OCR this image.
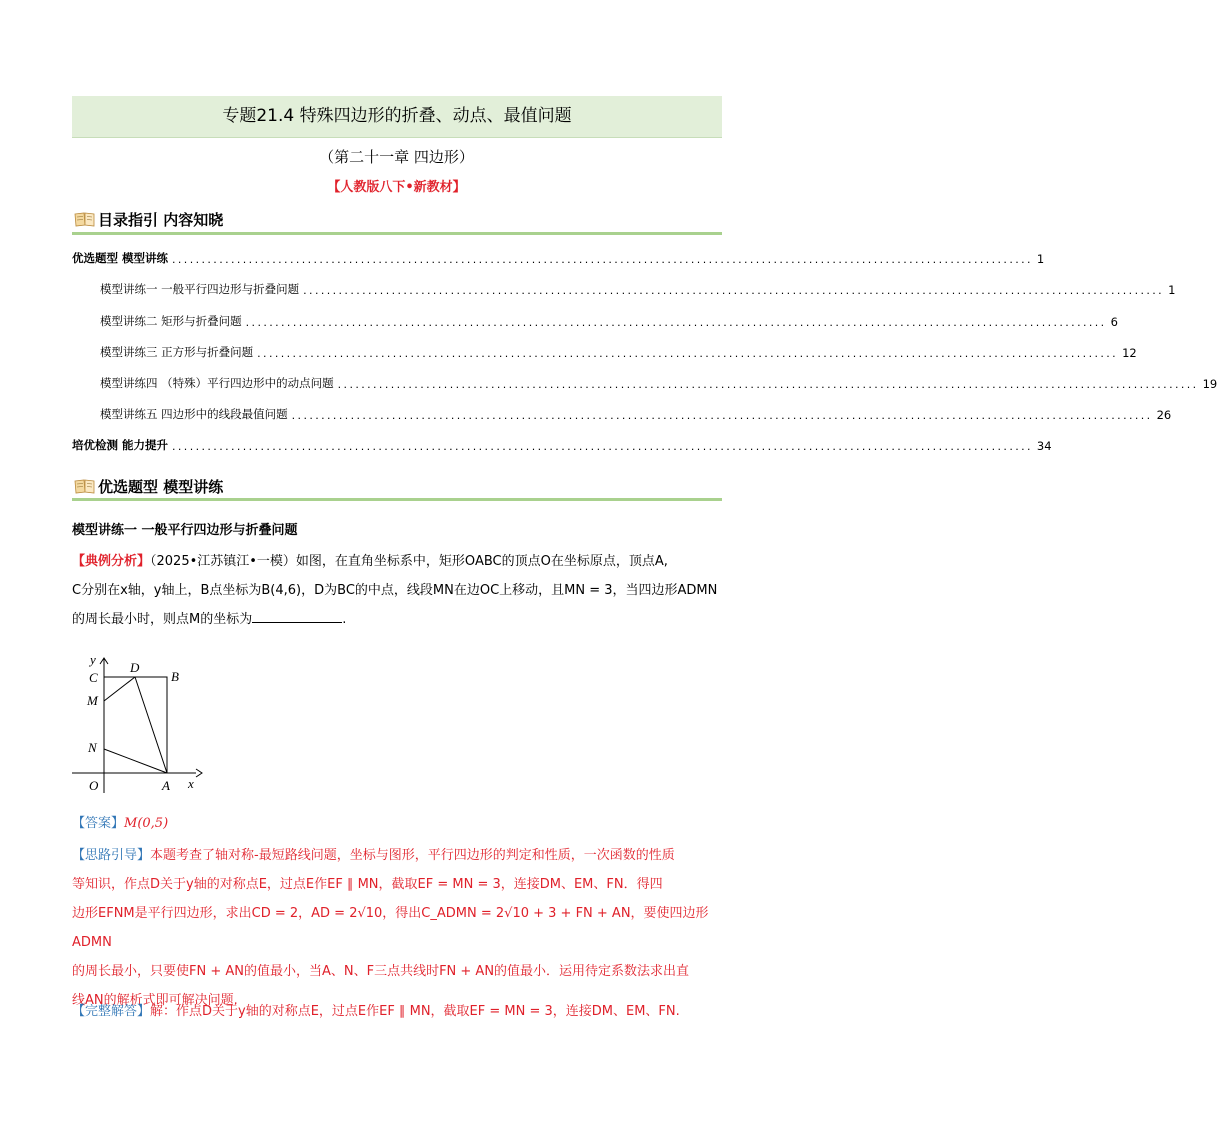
专题21.4 特殊四边形的折叠、动点、最值问题
（第二十一章 四边形）
【人教版八下•新教材】
目录指引 内容知晓
优选题型 模型讲练 .................................................................................................................................................. 1
模型讲练一 一般平行四边形与折叠问题 .................................................................................................................................................. 1
模型讲练二 矩形与折叠问题 .................................................................................................................................................. 6
模型讲练三 正方形与折叠问题 .................................................................................................................................................. 12
模型讲练四 （特殊）平行四边形中的动点问题 .................................................................................................................................................. 19
模型讲练五 四边形中的线段最值问题 .................................................................................................................................................. 26
培优检测 能力提升 .................................................................................................................................................. 34
优选题型 模型讲练
模型讲练一 一般平行四边形与折叠问题
【典例分析】（2025•江苏镇江•一模）如图，在直角坐标系中，矩形OABC的顶点O在坐标原点，顶点A,
C分别在x轴，y轴上，B点坐标为B(4,6)，D为BC的中点，线段MN在边OC上移动，且MN = 3，当四边形ADMN
的周长最小时，则点M的坐标为	.
y
x
C
D
B
M
N
O	A
【答案】M(0,5)
【思路引导】本题考查了轴对称-最短路线问题，坐标与图形，平行四边形的判定和性质，一次函数的性质
等知识，作点D关于y轴的对称点E，过点E作EF ∥ MN，截取EF = MN = 3，连接DM、EM、FN．得四
边形EFNM是平行四边形，求出CD = 2，AD = 2√10，得出C_ADMN = 2√10 + 3 + FN + AN，要使四边形ADMN
的周长最小，只要使FN + AN的值最小，当A、N、F三点共线时FN + AN的值最小．运用待定系数法求出直
线AN的解析式即可解决问题.
【完整解答】解：作点D关于y轴的对称点E，过点E作EF ∥ MN，截取EF = MN = 3，连接DM、EM、FN.
